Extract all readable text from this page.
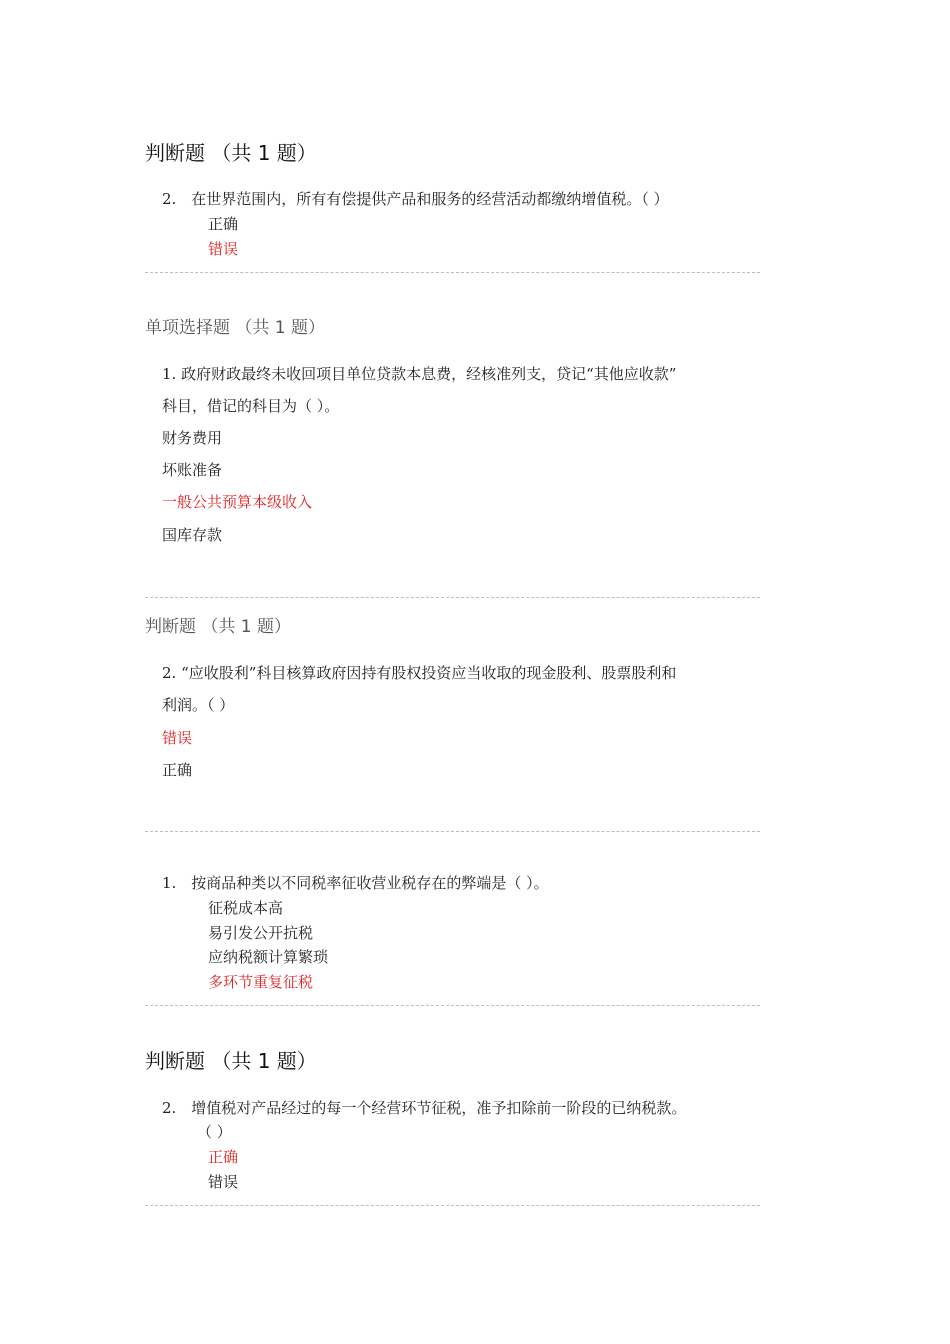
判断题 （共 1 题）
2.　在世界范围内，所有有偿提供产品和服务的经营活动都缴纳增值税。（ ）
正确
错误
单项选择题 （共 1 题）
1. 政府财政最终未收回项目单位贷款本息费，经核准列支，贷记“其他应收款”
科目，借记的科目为（ ）。
财务费用
坏账准备
一般公共预算本级收入
国库存款
判断题 （共 1 题）
2. “应收股利”科目核算政府因持有股权投资应当收取的现金股利、股票股利和
利润。（ ）
错误
正确
1.　按商品种类以不同税率征收营业税存在的弊端是（ ）。
征税成本高
易引发公开抗税
应纳税额计算繁琐
多环节重复征税
判断题 （共 1 题）
2.　增值税对产品经过的每一个经营环节征税，准予扣除前一阶段的已纳税款。
（ ）
正确
错误
